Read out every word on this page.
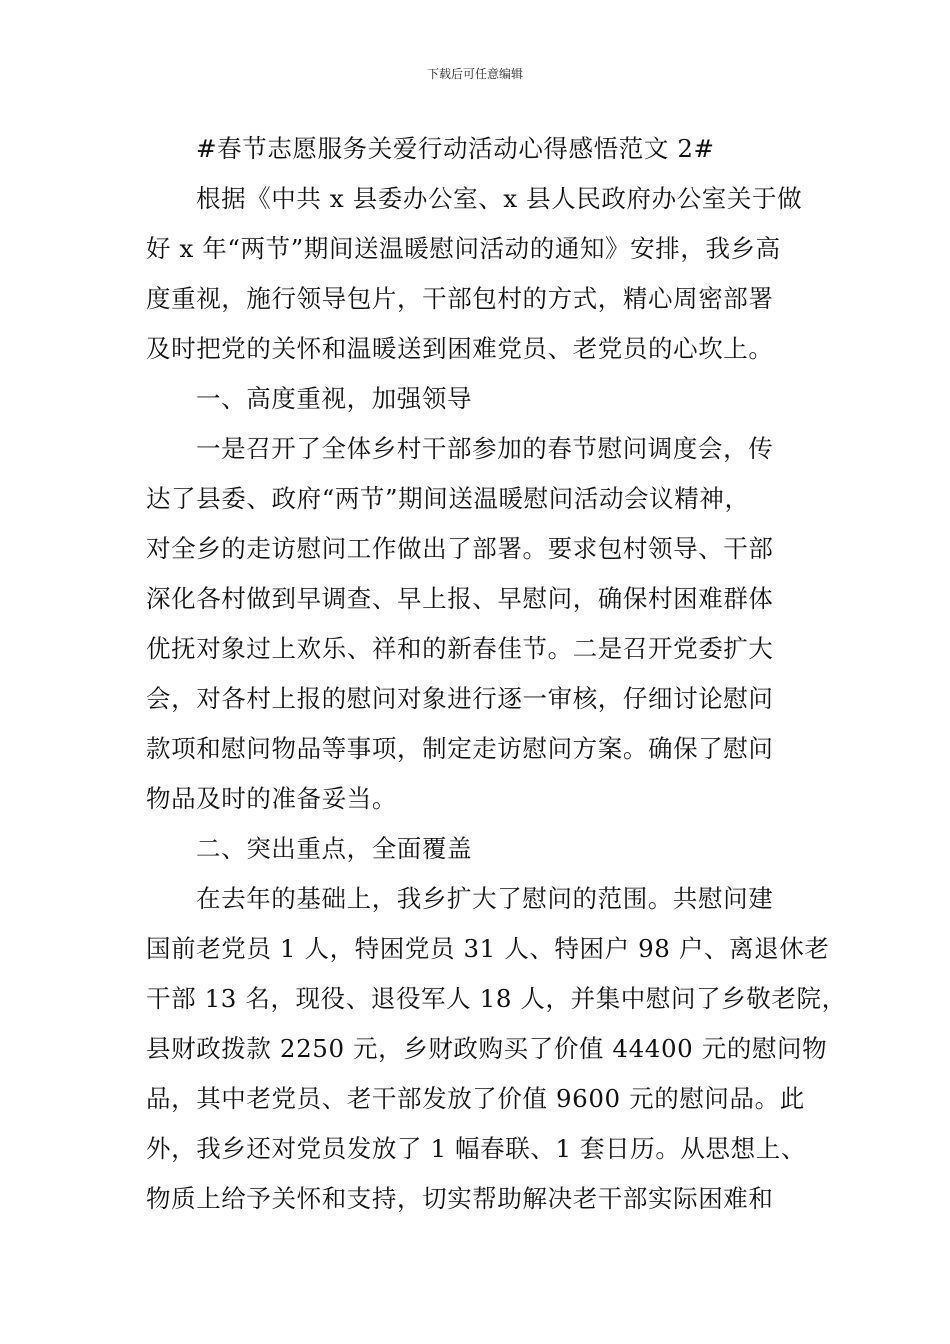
下载后可任意编辑
#春节志愿服务关爱行动活动心得感悟范文 2#
根据《中共 x 县委办公室、x 县人民政府办公室关于做
好 x 年“两节”期间送温暖慰问活动的通知》安排，我乡高
度重视，施行领导包片，干部包村的方式，精心周密部署
及时把党的关怀和温暖送到困难党员、老党员的心坎上。
一、高度重视，加强领导
一是召开了全体乡村干部参加的春节慰问调度会，传
达了县委、政府“两节”期间送温暖慰问活动会议精神，
对全乡的走访慰问工作做出了部署。要求包村领导、干部
深化各村做到早调查、早上报、早慰问，确保村困难群体
优抚对象过上欢乐、祥和的新春佳节。二是召开党委扩大
会，对各村上报的慰问对象进行逐一审核，仔细讨论慰问
款项和慰问物品等事项，制定走访慰问方案。确保了慰问
物品及时的准备妥当。
二、突出重点，全面覆盖
在去年的基础上，我乡扩大了慰问的范围。共慰问建
国前老党员 1 人，特困党员 31 人、特困户 98 户、离退休老
干部 13 名，现役、退役军人 18 人，并集中慰问了乡敬老院，
县财政拨款 2250 元，乡财政购买了价值 44400 元的慰问物
品，其中老党员、老干部发放了价值 9600 元的慰问品。此
外，我乡还对党员发放了 1 幅春联、1 套日历。从思想上、
物质上给予关怀和支持，切实帮助解决老干部实际困难和
